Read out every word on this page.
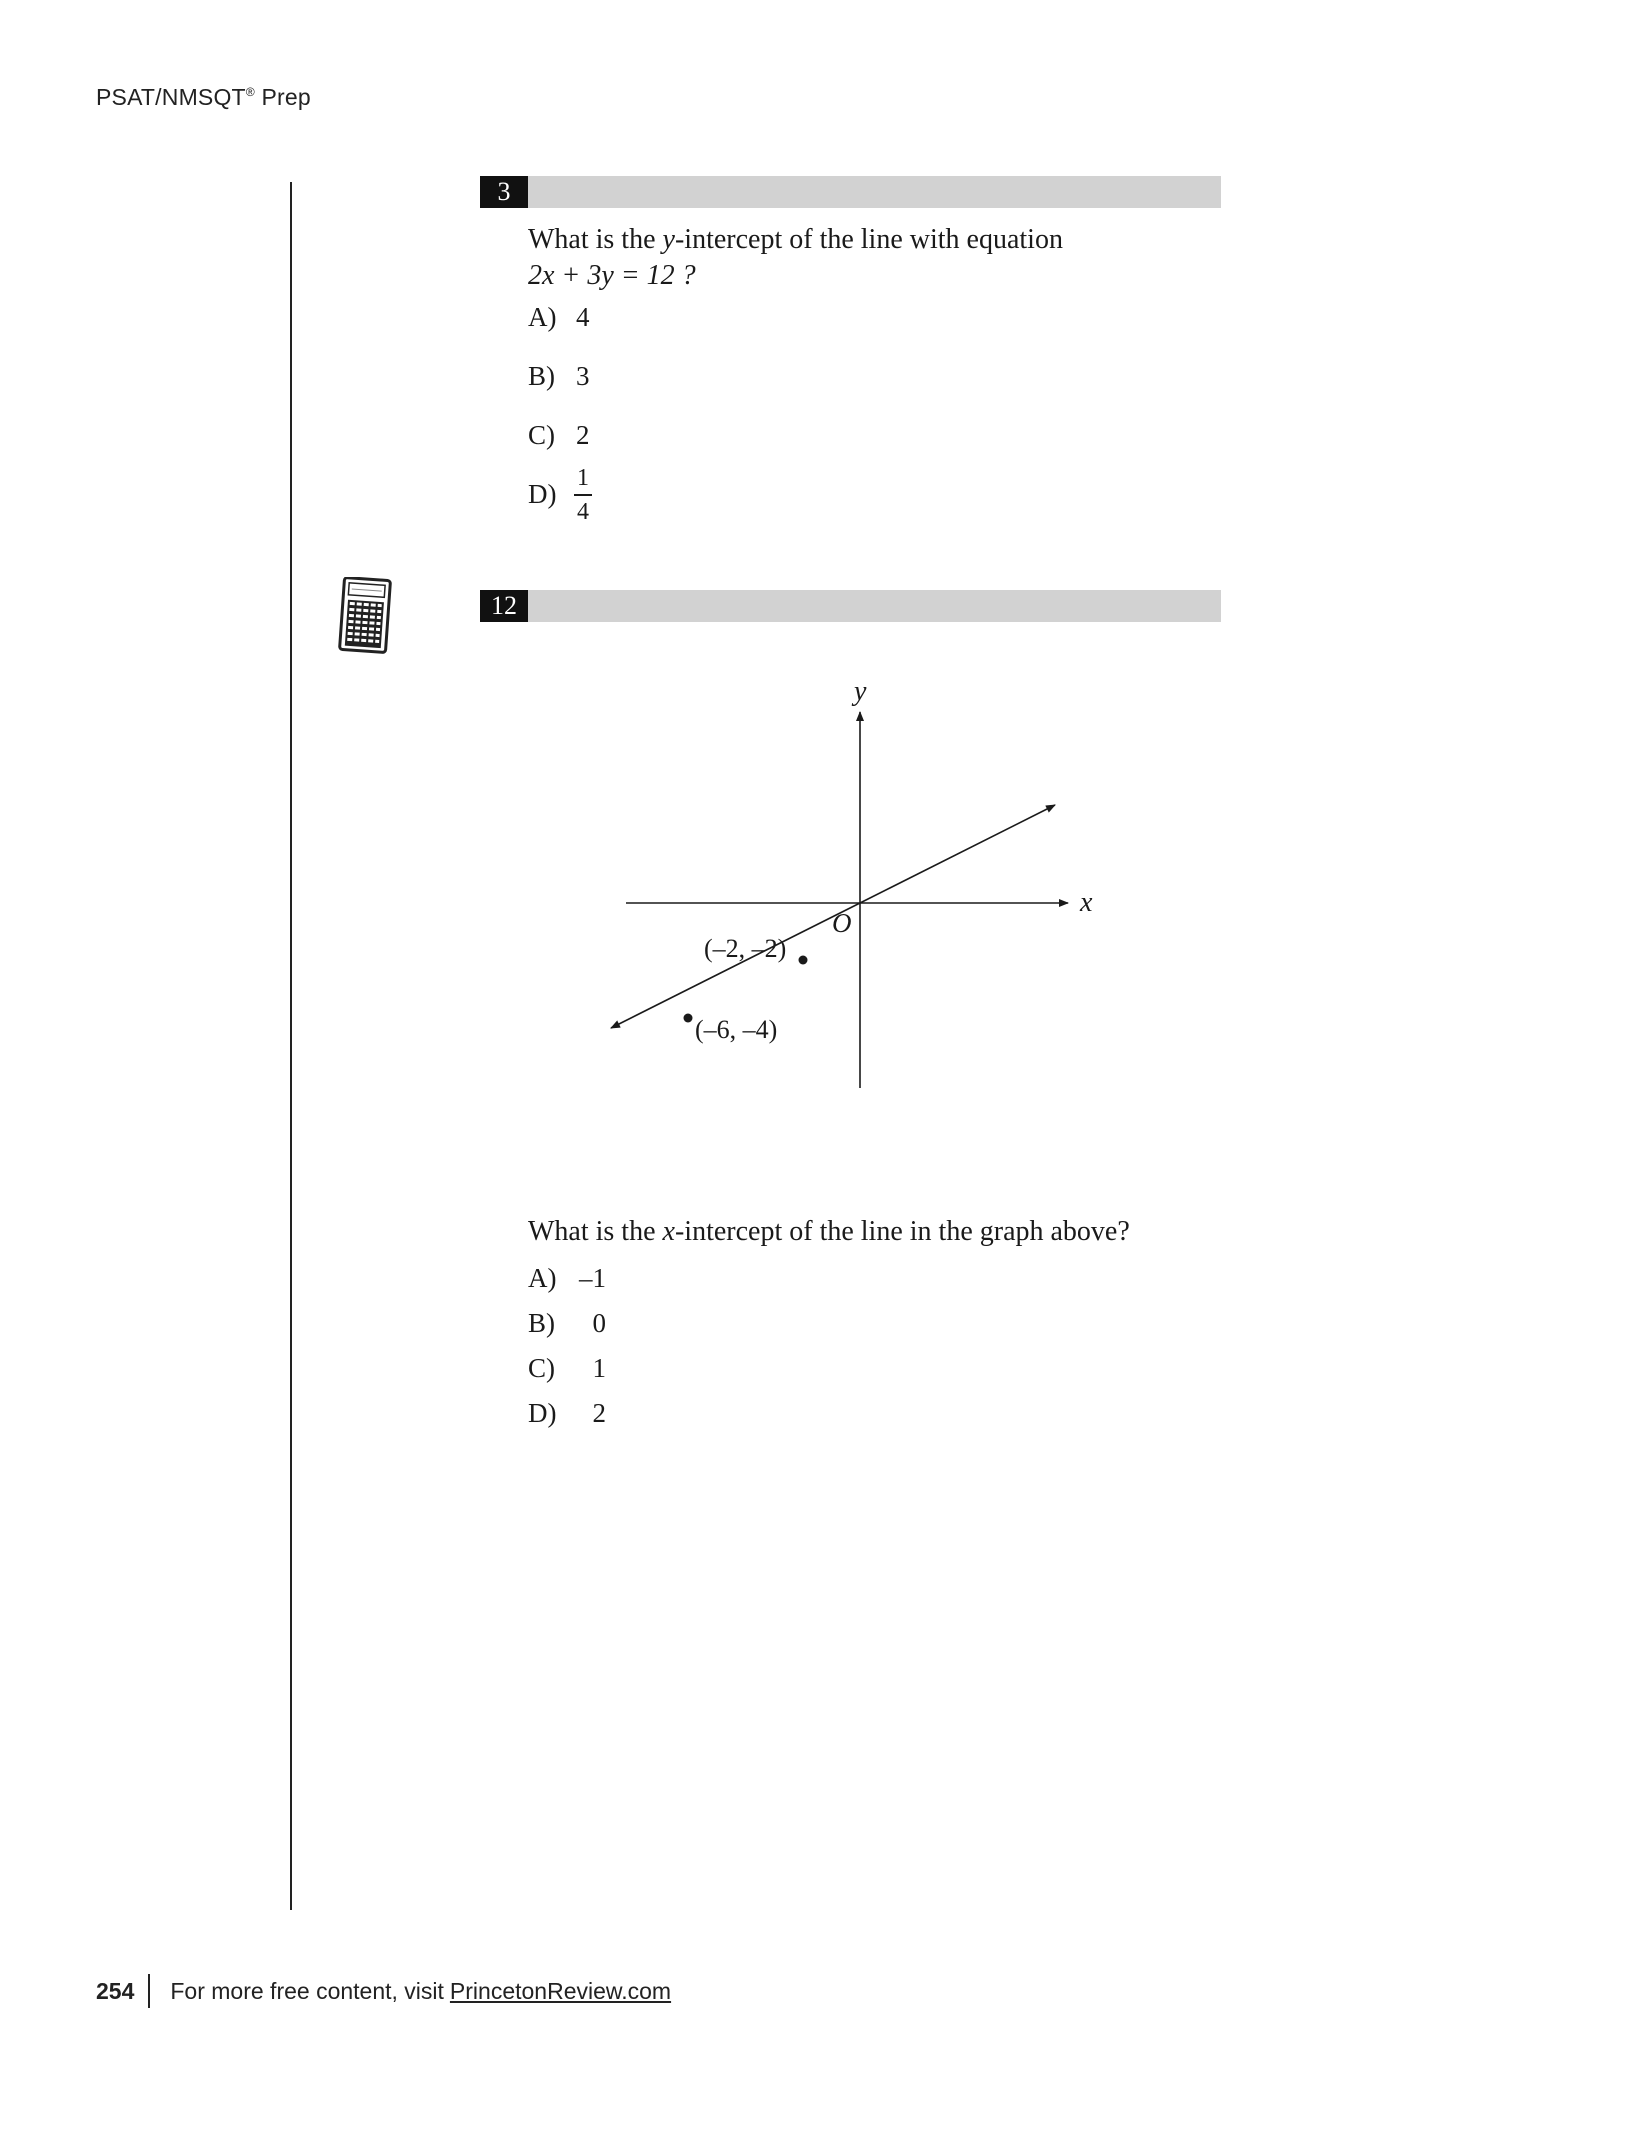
PSAT/NMSQT® Prep
3
What is the y-intercept of the line with equation
2x + 3y = 12 ?
A) 4
B) 3
C) 2
D)
1
4
12
y
x
O
(–2, –2)
(–6, –4)
What is the x-intercept of the line in the graph above?
A) –1
B) 0
C) 1
D) 2
254 For more free content, visit PrincetonReview.com
